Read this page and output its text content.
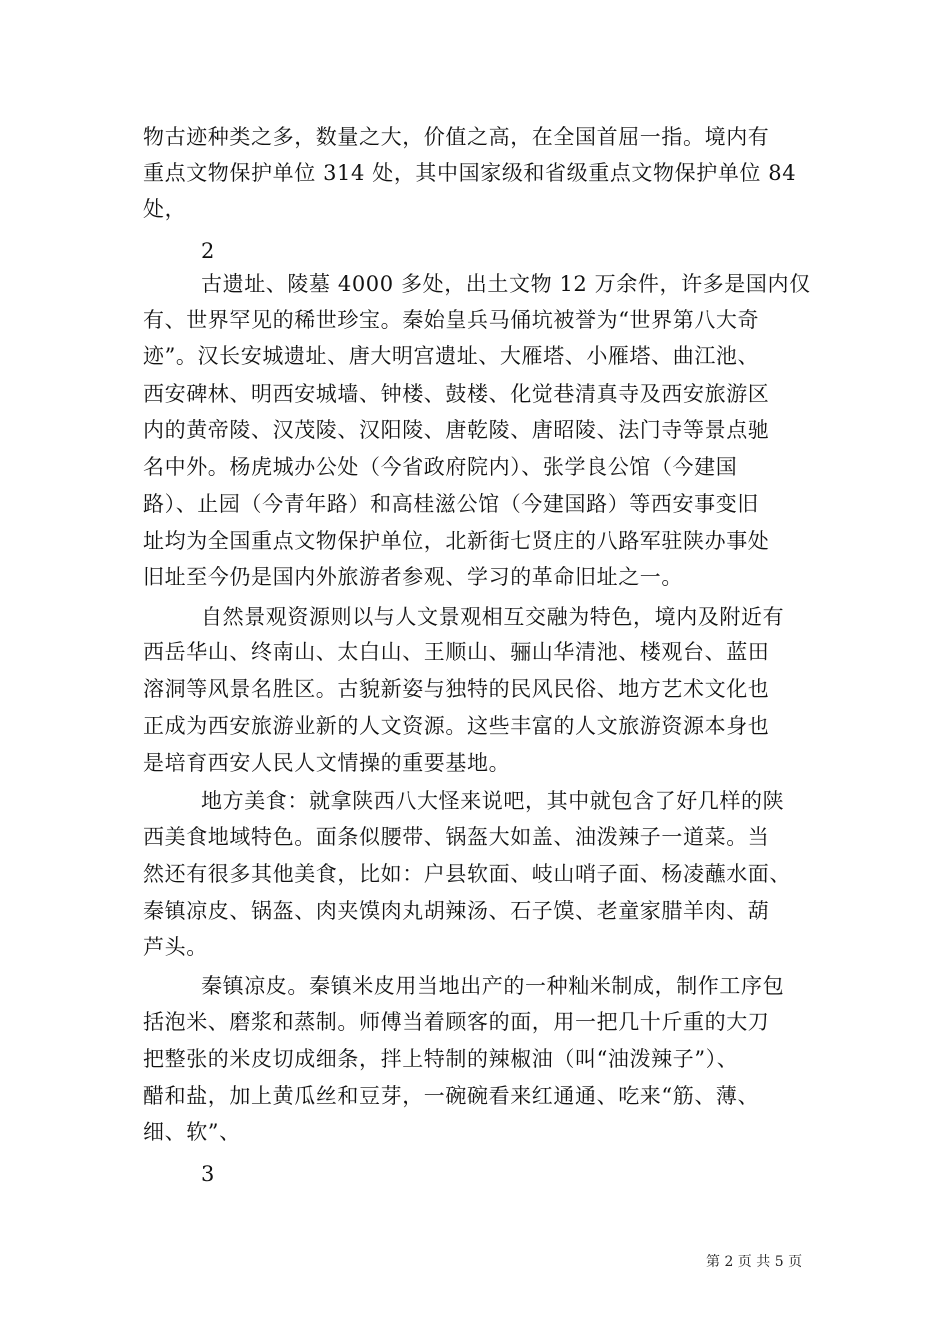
物古迹种类之多，数量之大，价值之高，在全国首屈一指。境内有
重点文物保护单位 314 处，其中国家级和省级重点文物保护单位 84
处，
2
古遗址、陵墓 4000 多处，出土文物 12 万余件，许多是国内仅
有、世界罕见的稀世珍宝。秦始皇兵马俑坑被誉为“世界第八大奇
迹”。汉长安城遗址、唐大明宫遗址、大雁塔、小雁塔、曲江池、
西安碑林、明西安城墙、钟楼、鼓楼、化觉巷清真寺及西安旅游区
内的黄帝陵、汉茂陵、汉阳陵、唐乾陵、唐昭陵、法门寺等景点驰
名中外。杨虎城办公处（今省政府院内）、张学良公馆（今建国
路）、止园（今青年路）和高桂滋公馆（今建国路）等西安事变旧
址均为全国重点文物保护单位，北新街七贤庄的八路军驻陕办事处
旧址至今仍是国内外旅游者参观、学习的革命旧址之一。
自然景观资源则以与人文景观相互交融为特色，境内及附近有
西岳华山、终南山、太白山、王顺山、骊山华清池、楼观台、蓝田
溶洞等风景名胜区。古貌新姿与独特的民风民俗、地方艺术文化也
正成为西安旅游业新的人文资源。这些丰富的人文旅游资源本身也
是培育西安人民人文情操的重要基地。
地方美食：就拿陕西八大怪来说吧，其中就包含了好几样的陕
西美食地域特色。面条似腰带、锅盔大如盖、油泼辣子一道菜。当
然还有很多其他美食，比如：户县软面、岐山哨子面、杨凌蘸水面、
秦镇凉皮、锅盔、肉夹馍肉丸胡辣汤、石子馍、老童家腊羊肉、葫
芦头。
秦镇凉皮。秦镇米皮用当地出产的一种籼米制成，制作工序包
括泡米、磨浆和蒸制。师傅当着顾客的面，用一把几十斤重的大刀
把整张的米皮切成细条，拌上特制的辣椒油（叫“油泼辣子”）、
醋和盐，加上黄瓜丝和豆芽，一碗碗看来红通通、吃来“筋、薄、
细、软”、
3
第 2 页 共 5 页
